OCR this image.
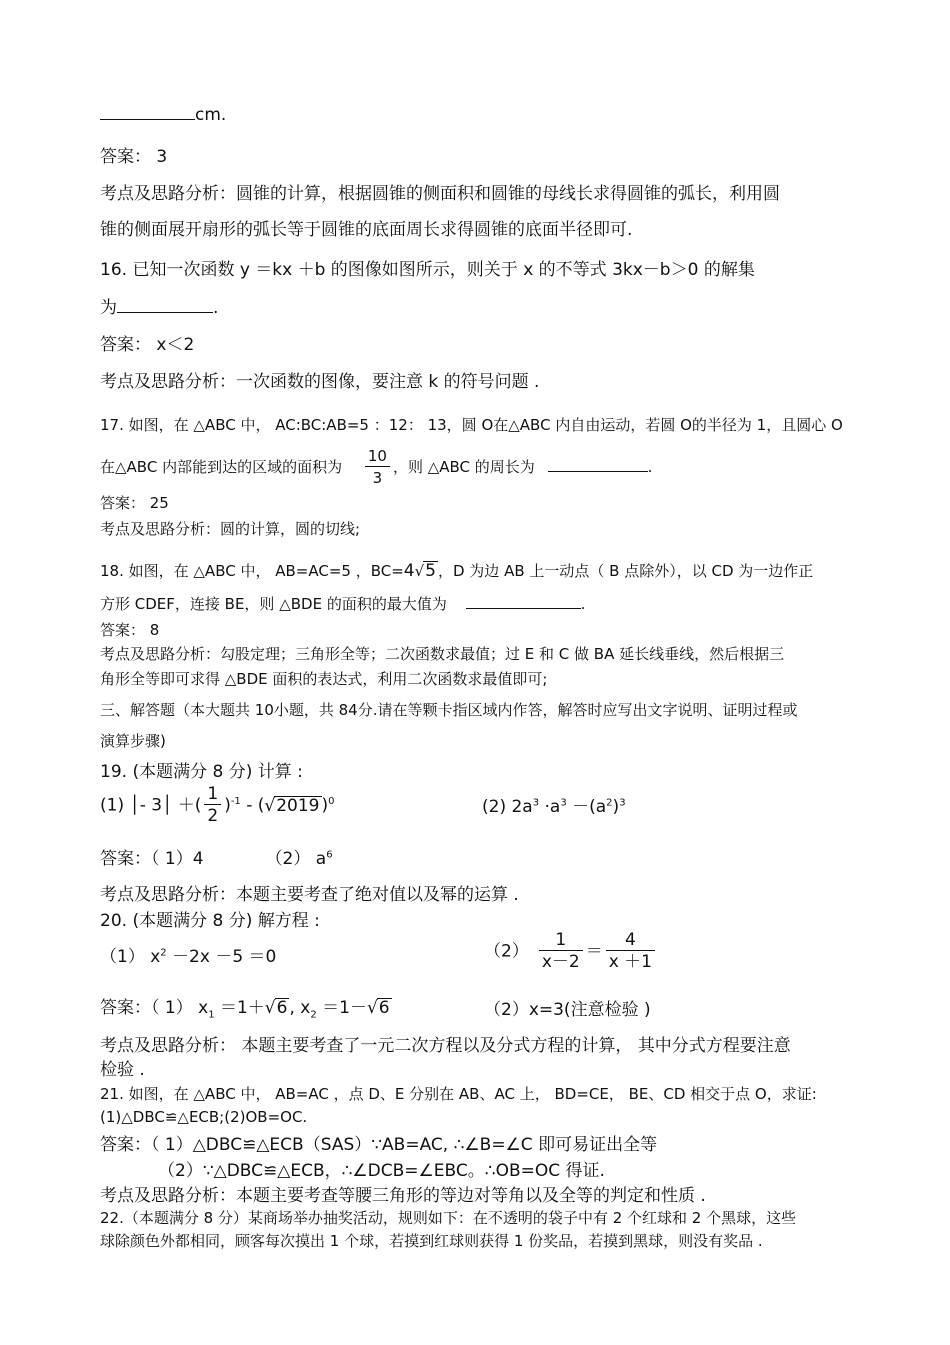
cm.
答案： 3
考点及思路分析：圆锥的计算，根据圆锥的侧面积和圆锥的母线长求得圆锥的弧长，利用圆
锥的侧面展开扇形的弧长等于圆锥的底面周长求得圆锥的底面半径即可.
16. 已知一次函数 y ＝kx ＋b 的图像如图所示，则关于 x 的不等式 3kx－b＞0 的解集
为	.
答案： x＜2
考点及思路分析：一次函数的图像，要注意 k 的符号问题 .
17. 如图，在 △ABC 中， AC:BC:AB=5 ：12： 13，圆 O在△ABC 内自由运动，若圆 O的半径为 1，且圆心 O
在△ABC 内部能到达的区域的面积为 $\frac{10}{3}$ ，则 △ABC 的周长为	.
答案： 25
考点及思路分析：圆的计算，圆的切线;
18. 如图，在 △ABC 中， AB=AC=5 ，BC=4√5 ，D 为边 AB 上一动点（ B 点除外），以 CD 为一边作正
方形 CDEF，连接 BE，则 △BDE 的面积的最大值为	.
答案： 8
考点及思路分析：勾股定理；三角形全等；二次函数求最值；过 E 和 C 做 BA 延长线垂线，然后根据三
角形全等即可求得 △BDE 面积的表达式，利用二次函数求最值即可;
三、解答题（本大题共 10小题，共 84分.请在等颗卡指区域内作答，解答时应写出文字说明、证明过程或
演算步骤)
19. (本题满分 8 分) 计算 :
(1) │- 3│ ＋( $\frac{1}{2} )^{-1} - (√2019$ )$^0$	(2) $2a^3 \cdot a^3 -(a^2)^3$
答案：（ 1）4	（2） $a^6$
考点及思路分析：本题主要考查了绝对值以及幂的运算 .
20. (本题满分 8 分) 解方程 :
（1） $x^2 -2x -5 =0$	$(2) \frac{1}{x-2} = \frac{4}{x +1}$
答案：（ 1） $x_1 =1+√6$ , $x_2 =1-√6$	（2）x=3(注意检验 )
考点及思路分析： 本题主要考查了一元二次方程以及分式方程的计算， 其中分式方程要注意
检验 .
21. 如图，在 △ABC 中， AB=AC ，点 D、E 分别在 AB、AC 上， BD=CE， BE、CD 相交于点 O，求证:
(1)△DBC≌△ECB;(2)OB=OC.
答案：（ 1）△DBC≌△ECB（SAS）∵AB=AC, ∴∠B=∠C 即可易证出全等
（2）∵△DBC≌△ECB，∴∠DCB=∠EBC。∴OB=OC 得证.
考点及思路分析：本题主要考查等腰三角形的等边对等角以及全等的判定和性质 .
22.（本题满分 8 分）某商场举办抽奖活动，规则如下：在不透明的袋子中有 2 个红球和 2 个黑球，这些
球除颜色外都相同，顾客每次摸出 1 个球，若摸到红球则获得 1 份奖品，若摸到黑球，则没有奖品 .
